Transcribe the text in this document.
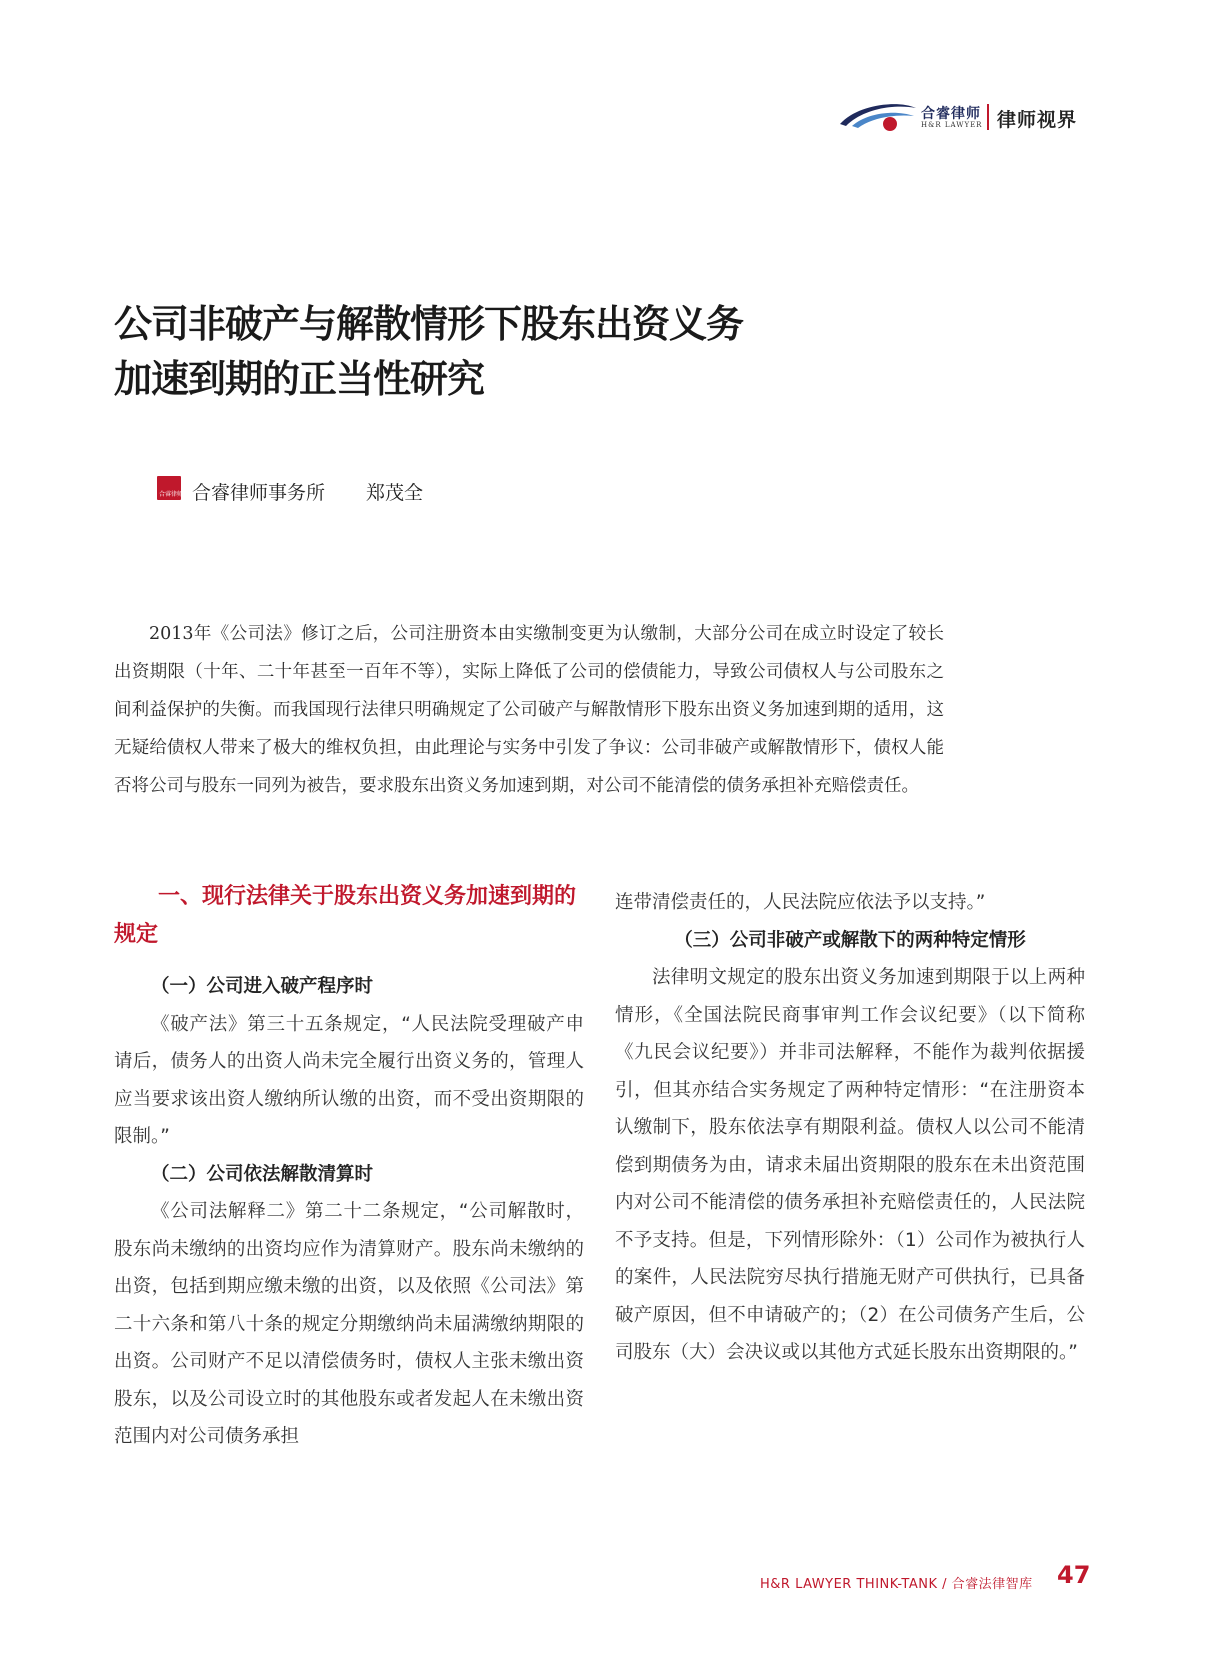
合睿律师
H&R LAWYER 律师视界
公司非破产与解散情形下股东出资义务
加速到期的正当性研究
合睿律师 合睿律师事务所 郑茂全

2013年《公司法》修订之后，公司注册资本由实缴制变更为认缴制，大部分公司在成立时设定了较长出资期限（十年、二十年甚至一百年不等），实际上降低了公司的偿债能力，导致公司债权人与公司股东之间利益保护的失衡。而我国现行法律只明确规定了公司破产与解散情形下股东出资义务加速到期的适用，这无疑给债权人带来了极大的维权负担，由此理论与实务中引发了争议：公司非破产或解散情形下，债权人能否将公司与股东一同列为被告，要求股东出资义务加速到期，对公司不能清偿的债务承担补充赔偿责任。

一、现行法律关于股东出资义务加速到期的规定

（一）公司进入破产程序时

《破产法》第三十五条规定，“人民法院受理破产申请后，债务人的出资人尚未完全履行出资义务的，管理人应当要求该出资人缴纳所认缴的出资，而不受出资期限的限制。”

（二）公司依法解散清算时

《公司法解释二》第二十二条规定，“公司解散时，股东尚未缴纳的出资均应作为清算财产。股东尚未缴纳的出资，包括到期应缴未缴的出资，以及依照《公司法》第二十六条和第八十条的规定分期缴纳尚未届满缴纳期限的出资。公司财产不足以清偿债务时，债权人主张未缴出资股东，以及公司设立时的其他股东或者发起人在未缴出资范围内对公司债务承担

连带清偿责任的，人民法院应依法予以支持。”

（三）公司非破产或解散下的两种特定情形

法律明文规定的股东出资义务加速到期限于以上两种情形，《全国法院民商事审判工作会议纪要》（以下简称《九民会议纪要》）并非司法解释，不能作为裁判依据援引，但其亦结合实务规定了两种特定情形：“在注册资本认缴制下，股东依法享有期限利益。债权人以公司不能清偿到期债务为由，请求未届出资期限的股东在未出资范围内对公司不能清偿的债务承担补充赔偿责任的，人民法院不予支持。但是，下列情形除外：（1）公司作为被执行人的案件，人民法院穷尽执行措施无财产可供执行，已具备破产原因，但不申请破产的；（2）在公司债务产生后，公司股东（大）会决议或以其他方式延长股东出资期限的。”

H&R LAWYER THINK-TANK / 合睿法律智库 47
